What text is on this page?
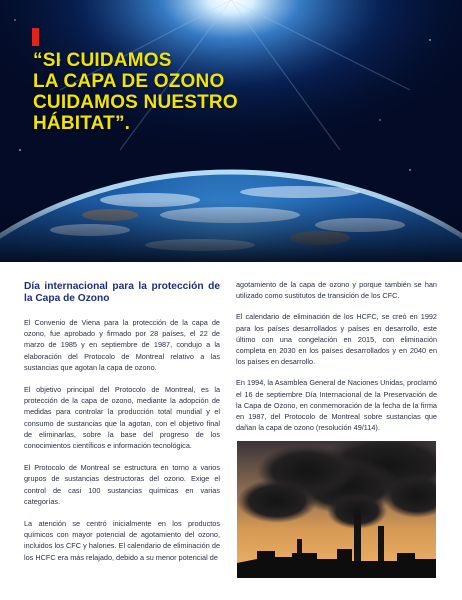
“SI CUIDAMOS
LA CAPA DE OZONO
CUIDAMOS NUESTRO
HÁBITAT”.
Día internacional para la protección de la Capa de Ozono

El Convenio de Viena para la protección de la capa de ozono, fue aprobado y firmado por 28 países, el 22 de marzo de 1985 y en septiembre de 1987, condujo a la elaboración del Protocolo de Montreal relativo a las sustancias que agotan la capa de ozono.

El objetivo principal del Protocolo de Montreal, es la protección de la capa de ozono, mediante la adopción de medidas para controlar la producción total mundial y el consumo de sustancias que la agotan, con el objetivo final de eliminarlas, sobre la base del progreso de los conocimientos científicos e información tecnológica.

El Protocolo de Montreal se estructura en torno a varios grupos de sustancias destructoras del ozono. Exige el control de casi 100 sustancias químicas en varias categorías.

La atención se centró inicialmente en los productos químicos con mayor potencial de agotamiento del ozono, incluidos los CFC y halones. El calendario de eliminación de los HCFC era más relajado, debido a su menor potencial de

agotamiento de la capa de ozono y porque también se han utilizado como sustitutos de transición de los CFC.

El calendario de eliminación de los HCFC, se creó en 1992 para los países desarrollados y países en desarrollo, este último con una congelación en 2015, con eliminación completa en 2030 en los países desarrollados y en 2040 en los países en desarrollo.

En 1994, la Asamblea General de Naciones Unidas, proclamó el 16 de septiembre Día Internacional de la Preservación de la Capa de Ozono, en conmemoración de la fecha de la firma en 1987, del Protocolo de Montreal sobre sustancias que dañan la capa de ozono (resolución 49/114).
